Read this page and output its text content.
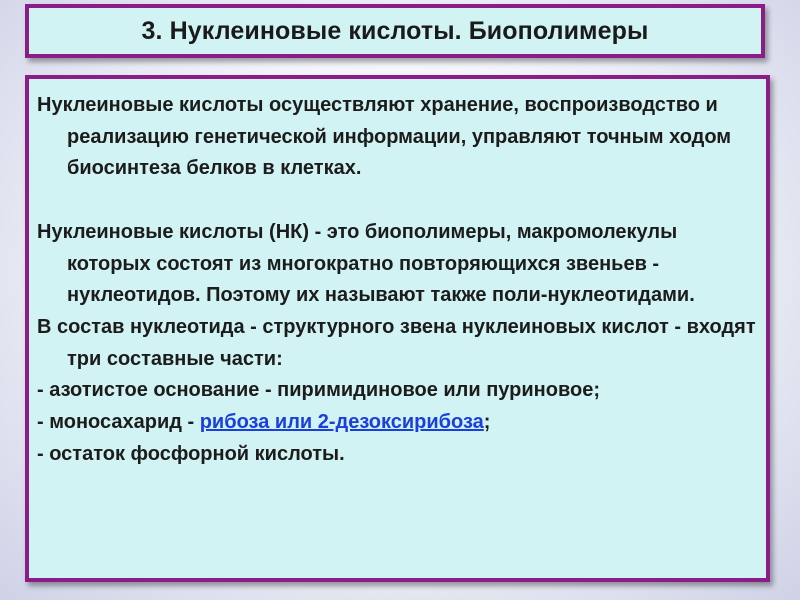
3. Нуклеиновые кислоты. Биополимеры

Нуклеиновые кислоты осуществляют хранение, воспроизводство и реализацию генетической информации, управляют точным ходом биосинтеза белков в клетках.

Нуклеиновые кислоты (НК) - это биополимеры, макромолекулы которых состоят из многократно повторяющихся звеньев - нуклеотидов. Поэтому их называют также поли-нуклеотидами.

В состав нуклеотида - структурного звена нуклеиновых кислот - входят три составные части:

- азотистое основание - пиримидиновое или пуриновое;

- моносахарид - рибоза или 2-дезоксирибоза;

- остаток фосфорной кислоты.
